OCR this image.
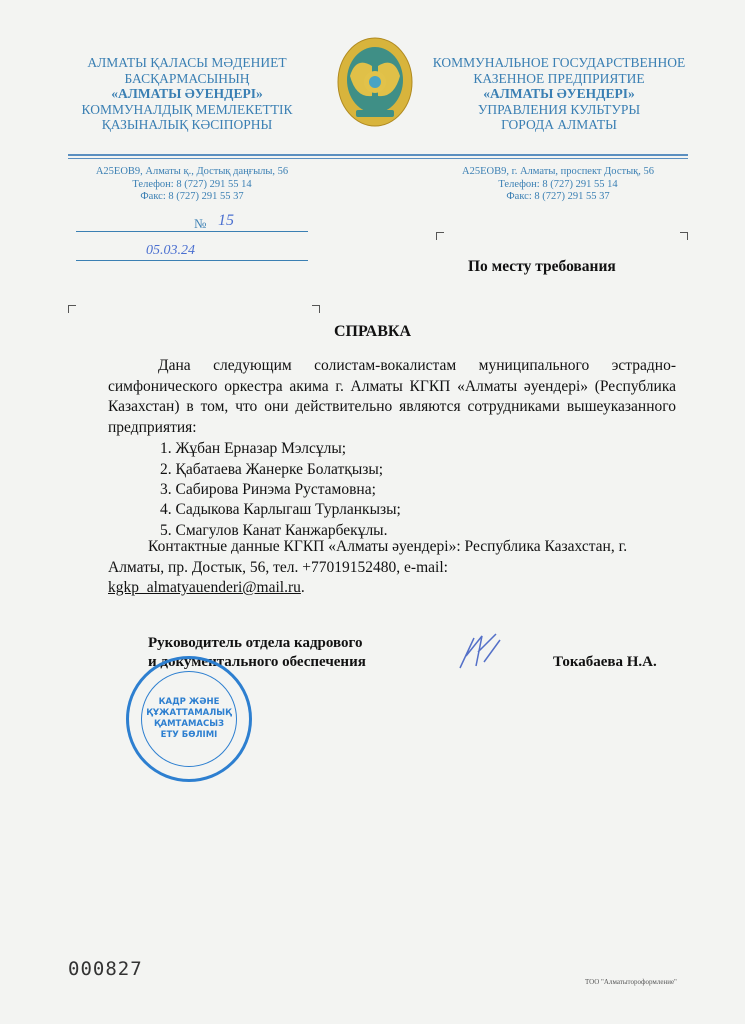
АЛМАТЫ ҚАЛАСЫ МӘДЕНИЕТ
БАСҚАРМАСЫНЫҢ
«АЛМАТЫ ӘУЕНДЕРІ»
КОММУНАЛДЫҚ МЕМЛЕКЕТТІК
ҚАЗЫНАЛЫҚ КӘСІПОРНЫ
КОММУНАЛЬНОЕ ГОСУДАРСТВЕННОЕ
КАЗЕННОЕ ПРЕДПРИЯТИЕ
«АЛМАТЫ ӘУЕНДЕРІ»
УПРАВЛЕНИЯ КУЛЬТУРЫ
ГОРОДА АЛМАТЫ
A25EOB9, Алматы қ., Достық даңғылы, 56
Телефон: 8 (727) 291 55 14
Факс: 8 (727) 291 55 37
A25EOB9, г. Алматы, проспект Достық, 56
Телефон: 8 (727) 291 55 14
Факс: 8 (727) 291 55 37
№ 15
05.03.24
По месту требования
СПРАВКА
Дана следующим солистам-вокалистам муниципального эстрадно-симфонического оркестра акима г. Алматы КГКП «Алматы әуендері» (Республика Казахстан) в том, что они действительно являются сотрудниками вышеуказанного предприятия:
1. Жұбан Ерназар Мэлсұлы;
2. Қабатаева Жанерке Болатқызы;
3. Сабирова Ринэма Рустамовна;
4. Садыкова Карлыгаш Турланкызы;
5. Смагулов Канат Канжарбекұлы.
Контактные данные КГКП «Алматы әуендері»: Республика Казахстан, г. Алматы, пр. Достык, 56, тел. +77019152480, e-mail:
kgkp_almatyauenderi@mail.ru.
Руководитель отдела кадрового
и документального обеспечения	Токабаева Н.А.
КАДР ЖӘНЕ
ҚҰЖАТТАМАЛЫҚ
ҚАМТАМАСЫЗ
ЕТУ БӨЛІМІ
000827
ТОО "Алматытороформление"
